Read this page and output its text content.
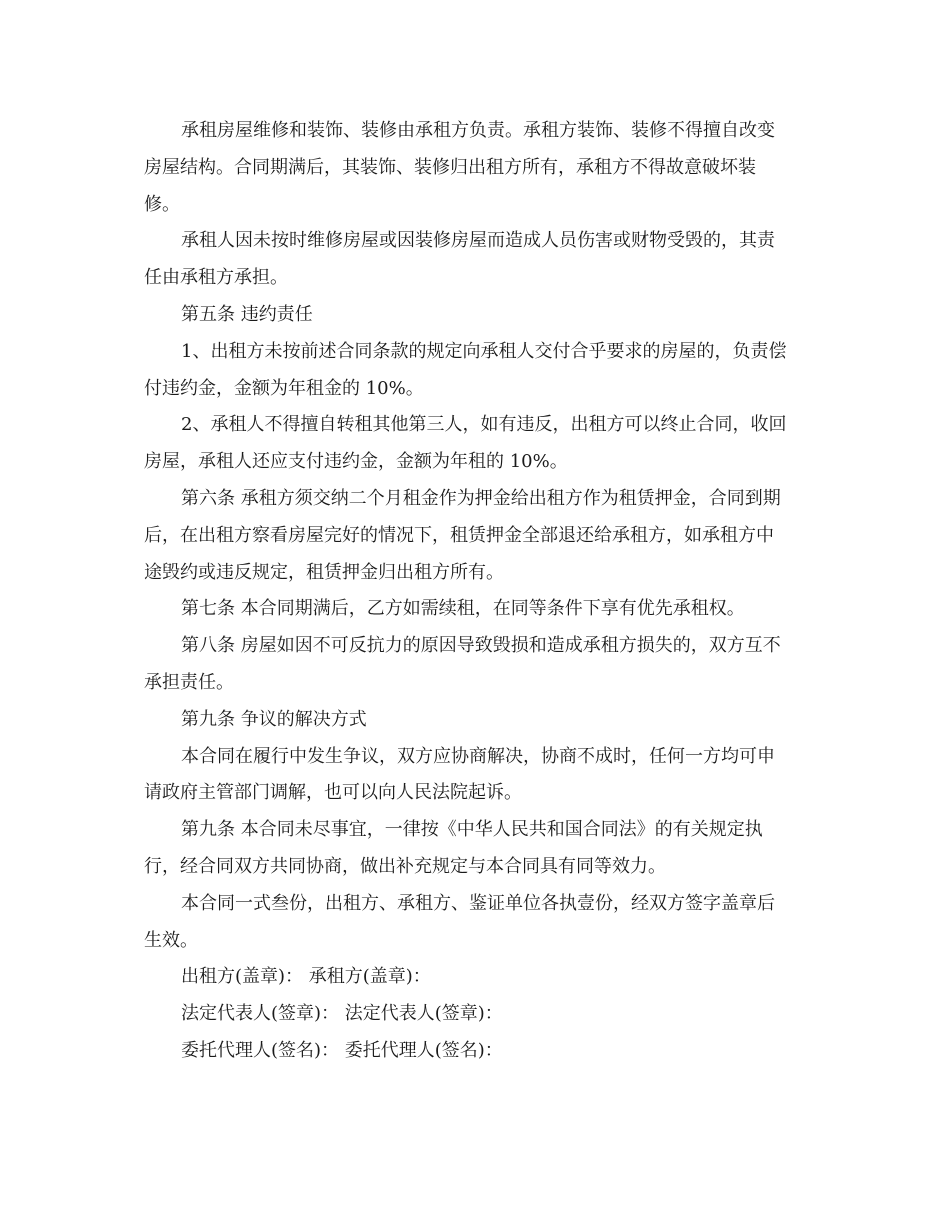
承租房屋维修和装饰、装修由承租方负责。承租方装饰、装修不得擅自改变
房屋结构。合同期满后，其装饰、装修归出租方所有，承租方不得故意破坏装
修。
承租人因未按时维修房屋或因装修房屋而造成人员伤害或财物受毁的，其责
任由承租方承担。
第五条 违约责任
1、出租方未按前述合同条款的规定向承租人交付合乎要求的房屋的，负责偿
付违约金，金额为年租金的 10%。
2、承租人不得擅自转租其他第三人，如有违反，出租方可以终止合同，收回
房屋，承租人还应支付违约金，金额为年租的 10%。
第六条 承租方须交纳二个月租金作为押金给出租方作为租赁押金，合同到期
后，在出租方察看房屋完好的情况下，租赁押金全部退还给承租方，如承租方中
途毁约或违反规定，租赁押金归出租方所有。
第七条 本合同期满后，乙方如需续租，在同等条件下享有优先承租权。
第八条 房屋如因不可反抗力的原因导致毁损和造成承租方损失的，双方互不
承担责任。
第九条 争议的解决方式
本合同在履行中发生争议，双方应协商解决，协商不成时，任何一方均可申
请政府主管部门调解，也可以向人民法院起诉。
第九条 本合同未尽事宜，一律按《中华人民共和国合同法》的有关规定执
行，经合同双方共同协商，做出补充规定与本合同具有同等效力。
本合同一式叁份，出租方、承租方、鉴证单位各执壹份，经双方签字盖章后
生效。
出租方(盖章)： 承租方(盖章)：
法定代表人(签章)： 法定代表人(签章)：
委托代理人(签名)： 委托代理人(签名)：
